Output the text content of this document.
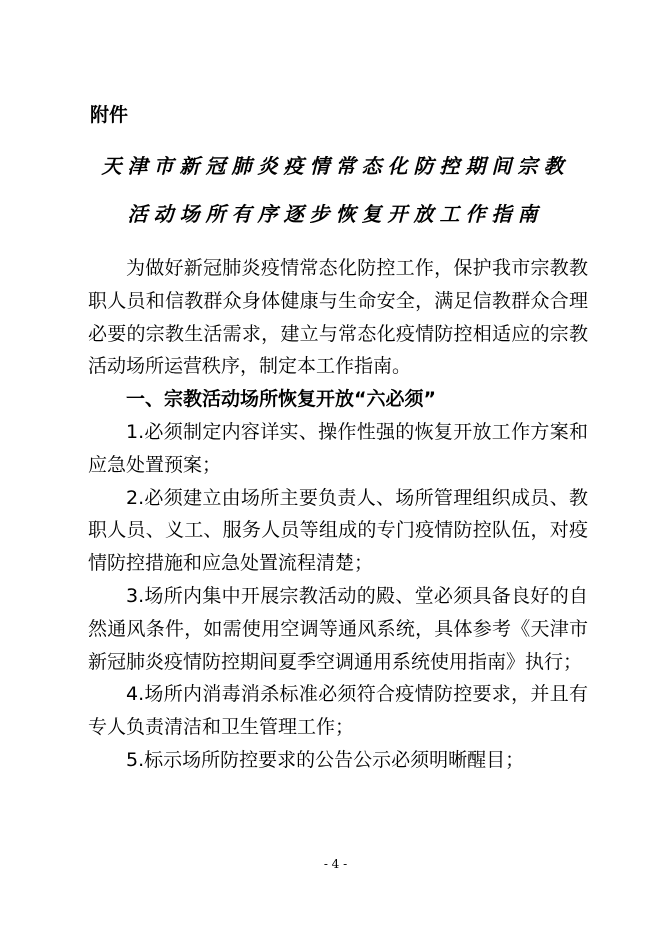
附件
天津市新冠肺炎疫情常态化防控期间宗教
活动场所有序逐步恢复开放工作指南

为做好新冠肺炎疫情常态化防控工作，保护我市宗教教职人员和信教群众身体健康与生命安全，满足信教群众合理必要的宗教生活需求，建立与常态化疫情防控相适应的宗教活动场所运营秩序，制定本工作指南。

一、宗教活动场所恢复开放“六必须”

1.必须制定内容详实、操作性强的恢复开放工作方案和应急处置预案；

2.必须建立由场所主要负责人、场所管理组织成员、教职人员、义工、服务人员等组成的专门疫情防控队伍，对疫情防控措施和应急处置流程清楚；

3.场所内集中开展宗教活动的殿、堂必须具备良好的自然通风条件，如需使用空调等通风系统，具体参考《天津市新冠肺炎疫情防控期间夏季空调通用系统使用指南》执行；

4.场所内消毒消杀标准必须符合疫情防控要求，并且有专人负责清洁和卫生管理工作；

5.标示场所防控要求的公告公示必须明晰醒目；

- 4 -
